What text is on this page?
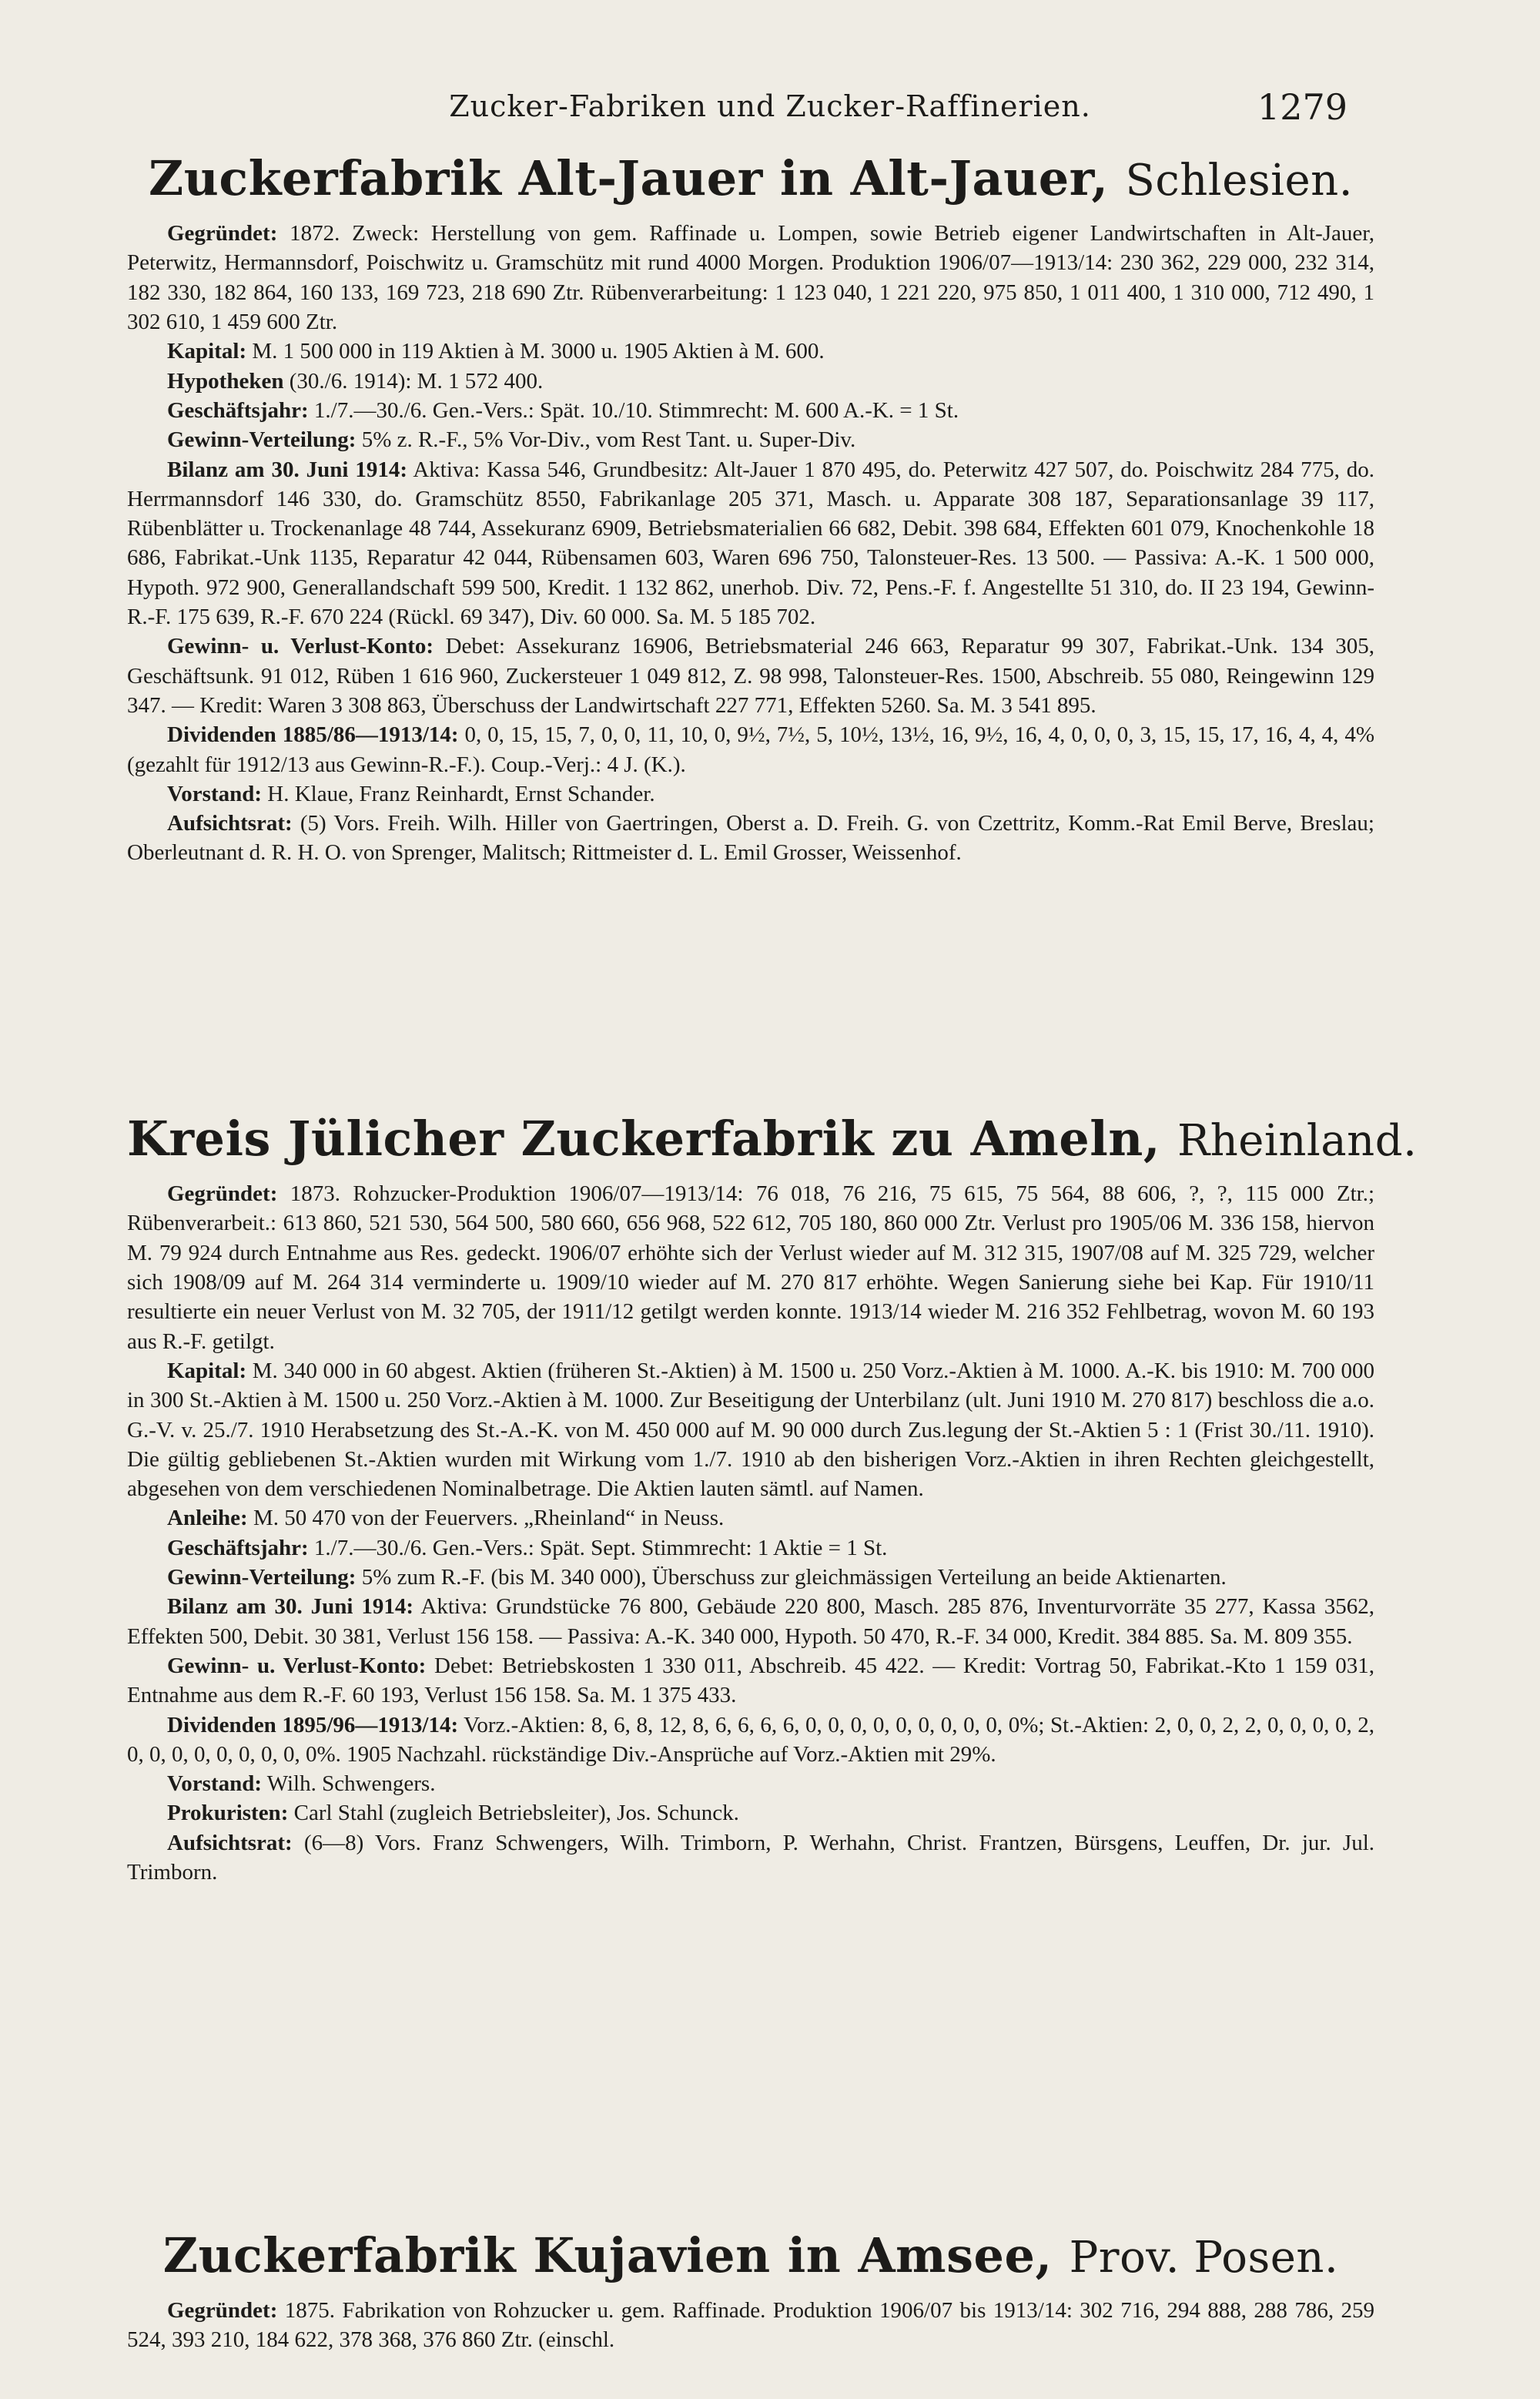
Zucker-Fabriken und Zucker-Raffinerien.	1279
Zuckerfabrik Alt-Jauer in Alt-Jauer, Schlesien.

Gegründet: 1872. Zweck: Herstellung von gem. Raffinade u. Lompen, sowie Betrieb eigener Landwirtschaften in Alt-Jauer, Peterwitz, Hermannsdorf, Poischwitz u. Gramschütz mit rund 4000 Morgen. Produktion 1906/07—1913/14: 230 362, 229 000, 232 314, 182 330, 182 864, 160 133, 169 723, 218 690 Ztr. Rübenverarbeitung: 1 123 040, 1 221 220, 975 850, 1 011 400, 1 310 000, 712 490, 1 302 610, 1 459 600 Ztr.

Kapital: M. 1 500 000 in 119 Aktien à M. 3000 u. 1905 Aktien à M. 600.

Hypotheken (30./6. 1914): M. 1 572 400.

Geschäftsjahr: 1./7.—30./6. Gen.-Vers.: Spät. 10./10. Stimmrecht: M. 600 A.-K. = 1 St.

Gewinn-Verteilung: 5% z. R.-F., 5% Vor-Div., vom Rest Tant. u. Super-Div.

Bilanz am 30. Juni 1914: Aktiva: Kassa 546, Grundbesitz: Alt-Jauer 1 870 495, do. Peterwitz 427 507, do. Poischwitz 284 775, do. Herrmannsdorf 146 330, do. Gramschütz 8550, Fabrikanlage 205 371, Masch. u. Apparate 308 187, Separationsanlage 39 117, Rübenblätter u. Trockenanlage 48 744, Assekuranz 6909, Betriebsmaterialien 66 682, Debit. 398 684, Effekten 601 079, Knochenkohle 18 686, Fabrikat.-Unk 1135, Reparatur 42 044, Rübensamen 603, Waren 696 750, Talonsteuer-Res. 13 500. — Passiva: A.-K. 1 500 000, Hypoth. 972 900, Generallandschaft 599 500, Kredit. 1 132 862, unerhob. Div. 72, Pens.-F. f. Angestellte 51 310, do. II 23 194, Gewinn-R.-F. 175 639, R.-F. 670 224 (Rückl. 69 347), Div. 60 000. Sa. M. 5 185 702.

Gewinn- u. Verlust-Konto: Debet: Assekuranz 16906, Betriebsmaterial 246 663, Reparatur 99 307, Fabrikat.-Unk. 134 305, Geschäftsunk. 91 012, Rüben 1 616 960, Zuckersteuer 1 049 812, Z. 98 998, Talonsteuer-Res. 1500, Abschreib. 55 080, Reingewinn 129 347. — Kredit: Waren 3 308 863, Überschuss der Landwirtschaft 227 771, Effekten 5260. Sa. M. 3 541 895.

Dividenden 1885/86—1913/14: 0, 0, 15, 15, 7, 0, 0, 11, 10, 0, 9½, 7½, 5, 10½, 13½, 16, 9½, 16, 4, 0, 0, 0, 3, 15, 15, 17, 16, 4, 4, 4% (gezahlt für 1912/13 aus Gewinn-R.-F.). Coup.-Verj.: 4 J. (K.).

Vorstand: H. Klaue, Franz Reinhardt, Ernst Schander.

Aufsichtsrat: (5) Vors. Freih. Wilh. Hiller von Gaertringen, Oberst a. D. Freih. G. von Czettritz, Komm.-Rat Emil Berve, Breslau; Oberleutnant d. R. H. O. von Sprenger, Malitsch; Rittmeister d. L. Emil Grosser, Weissenhof.

Kreis Jülicher Zuckerfabrik zu Ameln, Rheinland.

Gegründet: 1873. Rohzucker-Produktion 1906/07—1913/14: 76 018, 76 216, 75 615, 75 564, 88 606, ?, ?, 115 000 Ztr.; Rübenverarbeit.: 613 860, 521 530, 564 500, 580 660, 656 968, 522 612, 705 180, 860 000 Ztr. Verlust pro 1905/06 M. 336 158, hiervon M. 79 924 durch Entnahme aus Res. gedeckt. 1906/07 erhöhte sich der Verlust wieder auf M. 312 315, 1907/08 auf M. 325 729, welcher sich 1908/09 auf M. 264 314 verminderte u. 1909/10 wieder auf M. 270 817 erhöhte. Wegen Sanierung siehe bei Kap. Für 1910/11 resultierte ein neuer Verlust von M. 32 705, der 1911/12 getilgt werden konnte. 1913/14 wieder M. 216 352 Fehlbetrag, wovon M. 60 193 aus R.-F. getilgt.

Kapital: M. 340 000 in 60 abgest. Aktien (früheren St.-Aktien) à M. 1500 u. 250 Vorz.-Aktien à M. 1000. A.-K. bis 1910: M. 700 000 in 300 St.-Aktien à M. 1500 u. 250 Vorz.-Aktien à M. 1000. Zur Beseitigung der Unterbilanz (ult. Juni 1910 M. 270 817) beschloss die a.o. G.-V. v. 25./7. 1910 Herabsetzung des St.-A.-K. von M. 450 000 auf M. 90 000 durch Zus.legung der St.-Aktien 5 : 1 (Frist 30./11. 1910). Die gültig gebliebenen St.-Aktien wurden mit Wirkung vom 1./7. 1910 ab den bisherigen Vorz.-Aktien in ihren Rechten gleichgestellt, abgesehen von dem verschiedenen Nominalbetrage. Die Aktien lauten sämtl. auf Namen.

Anleihe: M. 50 470 von der Feuervers. „Rheinland“ in Neuss.

Geschäftsjahr: 1./7.—30./6. Gen.-Vers.: Spät. Sept. Stimmrecht: 1 Aktie = 1 St.

Gewinn-Verteilung: 5% zum R.-F. (bis M. 340 000), Überschuss zur gleichmässigen Verteilung an beide Aktienarten.

Bilanz am 30. Juni 1914: Aktiva: Grundstücke 76 800, Gebäude 220 800, Masch. 285 876, Inventurvorräte 35 277, Kassa 3562, Effekten 500, Debit. 30 381, Verlust 156 158. — Passiva: A.-K. 340 000, Hypoth. 50 470, R.-F. 34 000, Kredit. 384 885. Sa. M. 809 355.

Gewinn- u. Verlust-Konto: Debet: Betriebskosten 1 330 011, Abschreib. 45 422. — Kredit: Vortrag 50, Fabrikat.-Kto 1 159 031, Entnahme aus dem R.-F. 60 193, Verlust 156 158. Sa. M. 1 375 433.

Dividenden 1895/96—1913/14: Vorz.-Aktien: 8, 6, 8, 12, 8, 6, 6, 6, 6, 0, 0, 0, 0, 0, 0, 0, 0, 0, 0%; St.-Aktien: 2, 0, 0, 2, 2, 0, 0, 0, 0, 2, 0, 0, 0, 0, 0, 0, 0, 0, 0%. 1905 Nachzahl. rückständige Div.-Ansprüche auf Vorz.-Aktien mit 29%.

Vorstand: Wilh. Schwengers.

Prokuristen: Carl Stahl (zugleich Betriebsleiter), Jos. Schunck.

Aufsichtsrat: (6—8) Vors. Franz Schwengers, Wilh. Trimborn, P. Werhahn, Christ. Frantzen, Bürsgens, Leuffen, Dr. jur. Jul. Trimborn.

Zuckerfabrik Kujavien in Amsee, Prov. Posen.

Gegründet: 1875. Fabrikation von Rohzucker u. gem. Raffinade. Produktion 1906/07 bis 1913/14: 302 716, 294 888, 288 786, 259 524, 393 210, 184 622, 378 368, 376 860 Ztr. (einschl.
